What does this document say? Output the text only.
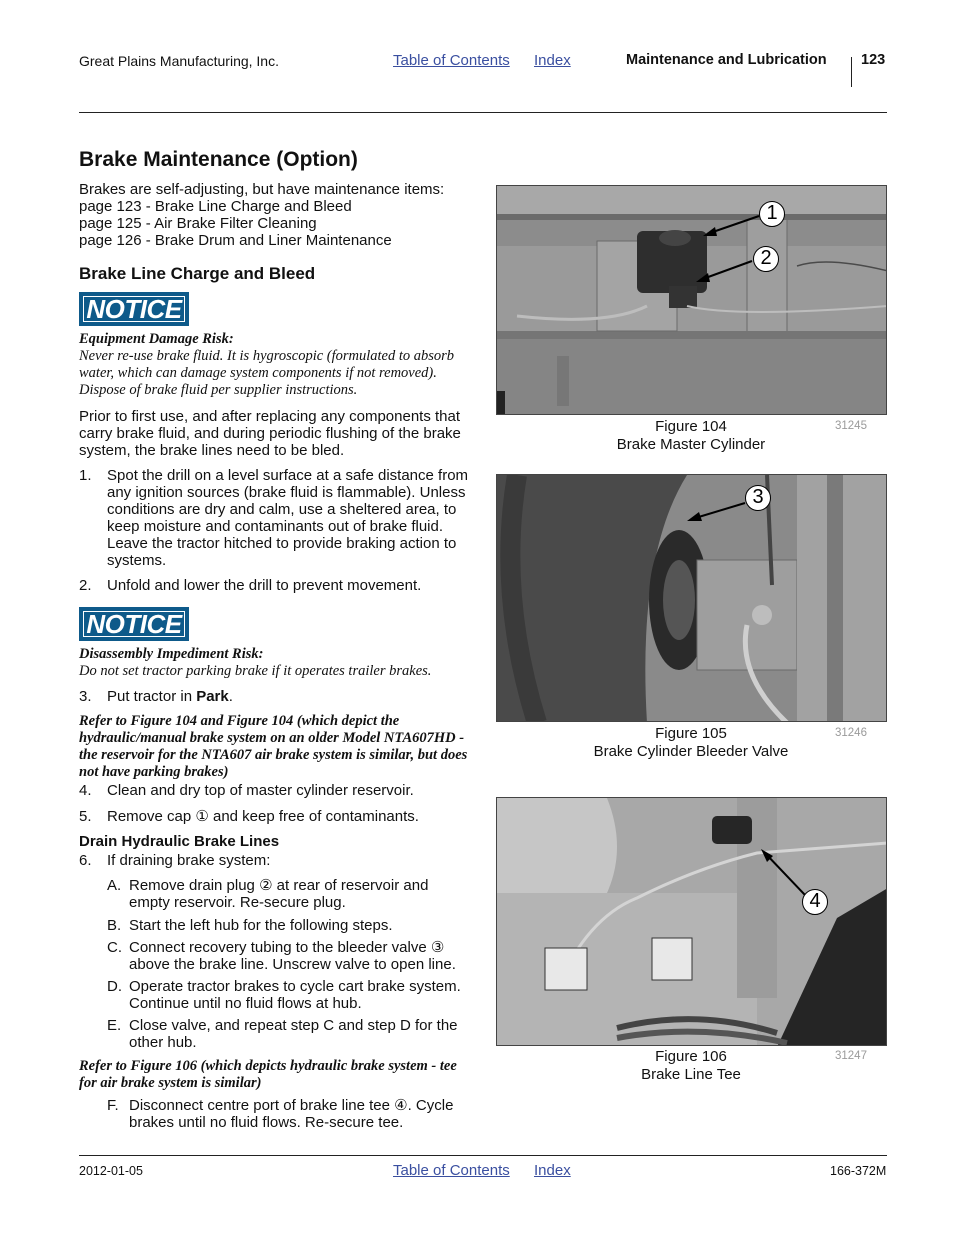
Great Plains Manufacturing, Inc.	Table of Contents Index	Maintenance and Lubrication 123
Brake Maintenance (Option)
Brakes are self-adjusting, but have maintenance items:
page 123 - Brake Line Charge and Bleed
page 125 - Air Brake Filter Cleaning
page 126 - Brake Drum and Liner Maintenance
Brake Line Charge and Bleed
NOTICE
Equipment Damage Risk:
Never re-use brake fluid. It is hygroscopic (formulated to absorb water, which can damage system components if not removed). Dispose of brake fluid per supplier instructions.
Prior to first use, and after replacing any components that carry brake fluid, and during periodic flushing of the brake system, the brake lines need to be bled.
1. Spot the drill on a level surface at a safe distance from any ignition sources (brake fluid is flammable). Unless conditions are dry and calm, use a sheltered area, to keep moisture and contaminants out of brake fluid. Leave the tractor hitched to provide braking action to systems.
2. Unfold and lower the drill to prevent movement.
NOTICE
Disassembly Impediment Risk:
Do not set tractor parking brake if it operates trailer brakes.
3. Put tractor in Park.
Refer to Figure 104 and Figure 104 (which depict the hydraulic/manual brake system on an older Model NTA607HD - the reservoir for the NTA607 air brake system is similar, but does not have parking brakes)
4. Clean and dry top of master cylinder reservoir.
5. Remove cap ① and keep free of contaminants.
Drain Hydraulic Brake Lines
6. If draining brake system:
A. Remove drain plug ② at rear of reservoir and empty reservoir. Re-secure plug.
B. Start the left hub for the following steps.
C. Connect recovery tubing to the bleeder valve ③ above the brake line. Unscrew valve to open line.
D. Operate tractor brakes to cycle cart brake system. Continue until no fluid flows at hub.
E. Close valve, and repeat step C and step D for the other hub.
Refer to Figure 106 (which depicts hydraulic brake system - tee for air brake system is similar)
F. Disconnect centre port of brake line tee ④. Cycle brakes until no fluid flows. Re-secure tee.
1
2
Figure 104
Brake Master Cylinder
31245
3
Figure 105
Brake Cylinder Bleeder Valve
31246
4
Figure 106
Brake Line Tee
31247
2012-01-05	Table of Contents Index	166-372M
